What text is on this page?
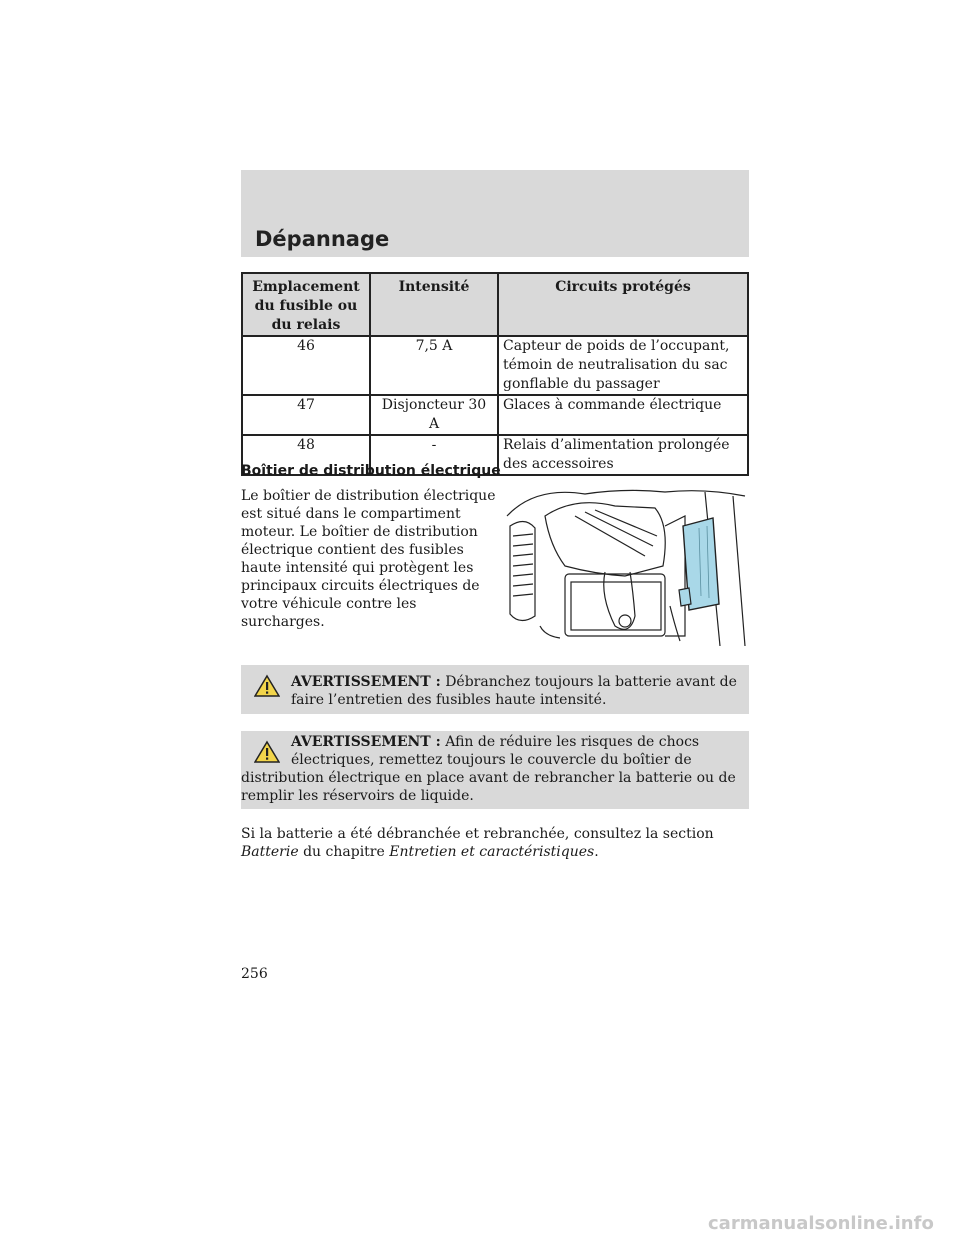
Dépannage
Emplacement du fusible ou du relais	Intensité	Circuits protégés
46	7,5 A	Capteur de poids de l’occupant, témoin de neutralisation du sac gonflable du passager
47	Disjoncteur 30 A	Glaces à commande électrique
48	-	Relais d’alimentation prolongée des accessoires
Boîtier de distribution électrique
Le boîtier de distribution électrique est situé dans le compartiment moteur. Le boîtier de distribution électrique contient des fusibles haute intensité qui protègent les principaux circuits électriques de votre véhicule contre les surcharges.
AVERTISSEMENT : Débranchez toujours la batterie avant de faire l’entretien des fusibles haute intensité.
AVERTISSEMENT : Afin de réduire les risques de chocs électriques, remettez toujours le couvercle du boîtier de
distribution électrique en place avant de rebrancher la batterie ou de remplir les réservoirs de liquide.
Si la batterie a été débranchée et rebranchée, consultez la section
Batterie du chapitre Entretien et caractéristiques.
256
carmanualsonline.info
